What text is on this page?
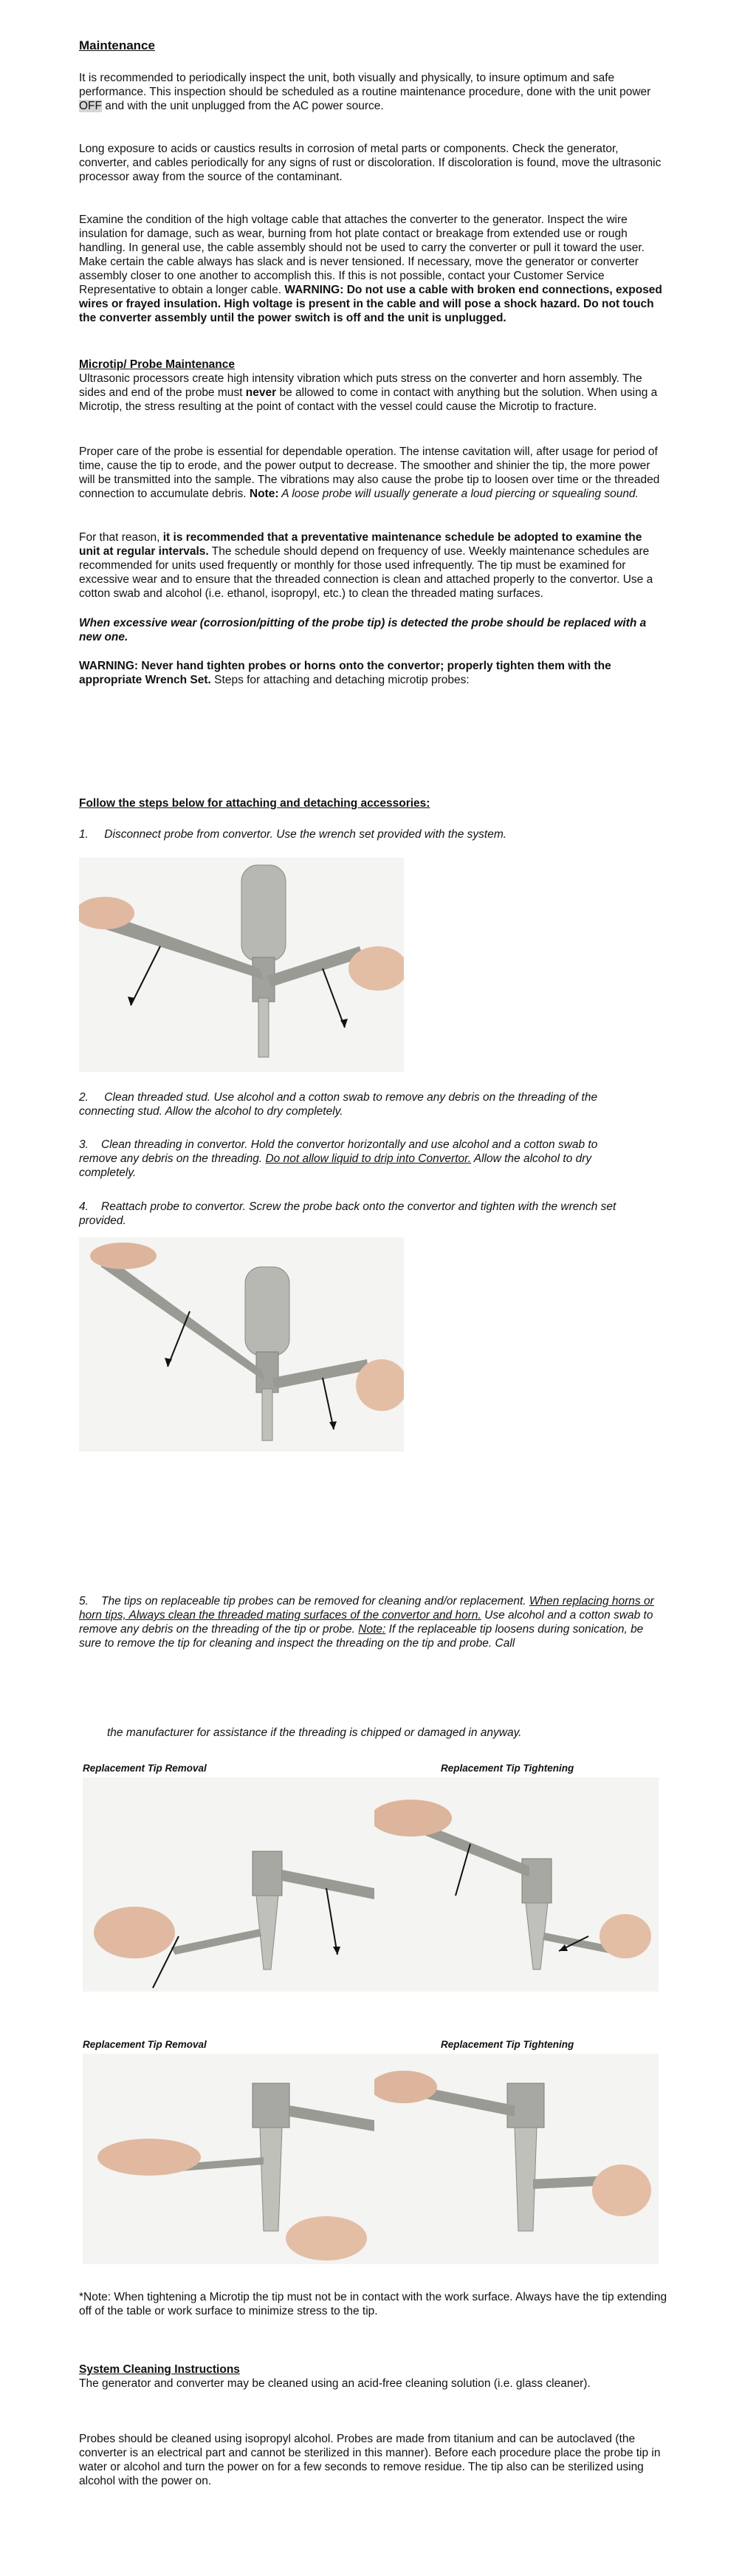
Maintenance

It is recommended to periodically inspect the unit, both visually and physically, to insure optimum and safe performance. This inspection should be scheduled as a routine maintenance procedure, done with the unit power OFF and with the unit unplugged from the AC power source.

Long exposure to acids or caustics results in corrosion of metal parts or components. Check the generator, converter, and cables periodically for any signs of rust or discoloration. If discoloration is found, move the ultrasonic processor away from the source of the contaminant.

Examine the condition of the high voltage cable that attaches the converter to the generator. Inspect the wire insulation for damage, such as wear, burning from hot plate contact or breakage from extended use or rough handling. In general use, the cable assembly should not be used to carry the converter or pull it toward the user. Make certain the cable always has slack and is never tensioned. If necessary, move the generator or converter assembly closer to one another to accomplish this. If this is not possible, contact your Customer Service Representative to obtain a longer cable. WARNING: Do not use a cable with broken end connections, exposed wires or frayed insulation. High voltage is present in the cable and will pose a shock hazard. Do not touch the converter assembly until the power switch is off and the unit is unplugged.

Microtip/ Probe Maintenance
Ultrasonic processors create high intensity vibration which puts stress on the converter and horn assembly. The sides and end of the probe must never be allowed to come in contact with anything but the solution. When using a Microtip, the stress resulting at the point of contact with the vessel could cause the Microtip to fracture.

Proper care of the probe is essential for dependable operation. The intense cavitation will, after usage for period of time, cause the tip to erode, and the power output to decrease. The smoother and shinier the tip, the more power will be transmitted into the sample. The vibrations may also cause the probe tip to loosen over time or the threaded connection to accumulate debris. Note: A loose probe will usually generate a loud piercing or squealing sound.

For that reason, it is recommended that a preventative maintenance schedule be adopted to examine the unit at regular intervals. The schedule should depend on frequency of use. Weekly maintenance schedules are recommended for units used frequently or monthly for those used infrequently. The tip must be examined for excessive wear and to ensure that the threaded connection is clean and attached properly to the convertor. Use a cotton swab and alcohol (i.e. ethanol, isopropyl, etc.) to clean the threaded mating surfaces.

When excessive wear (corrosion/pitting of the probe tip) is detected the probe should be replaced with a new one.

WARNING: Never hand tighten probes or horns onto the convertor; properly tighten them with the appropriate Wrench Set. Steps for attaching and detaching microtip probes:

Follow the steps below for attaching and detaching accessories:

1. Disconnect probe from convertor. Use the wrench set provided with the system.

2. Clean threaded stud. Use alcohol and a cotton swab to remove any debris on the threading of the connecting stud. Allow the alcohol to dry completely.

3. Clean threading in convertor. Hold the convertor horizontally and use alcohol and a cotton swab to remove any debris on the threading. Do not allow liquid to drip into Convertor. Allow the alcohol to dry completely.

4. Reattach probe to convertor. Screw the probe back onto the convertor and tighten with the wrench set provided.

5. The tips on replaceable tip probes can be removed for cleaning and/or replacement. When replacing horns or horn tips, Always clean the threaded mating surfaces of the convertor and horn. Use alcohol and a cotton swab to remove any debris on the threading of the tip or probe. Note: If the replaceable tip loosens during sonication, be sure to remove the tip for cleaning and inspect the threading on the tip and probe. Call

the manufacturer for assistance if the threading is chipped or damaged in anyway.

Replacement Tip Removal	Replacement Tip Tightening

Replacement Tip Removal	Replacement Tip Tightening

*Note: When tightening a Microtip the tip must not be in contact with the work surface. Always have the tip extending off of the table or work surface to minimize stress to the tip.

System Cleaning Instructions
The generator and converter may be cleaned using an acid-free cleaning solution (i.e. glass cleaner).

Probes should be cleaned using isopropyl alcohol. Probes are made from titanium and can be autoclaved (the converter is an electrical part and cannot be sterilized in this manner). Before each procedure place the probe tip in water or alcohol and turn the power on for a few seconds to remove residue. The tip also can be sterilized using alcohol with the power on.
